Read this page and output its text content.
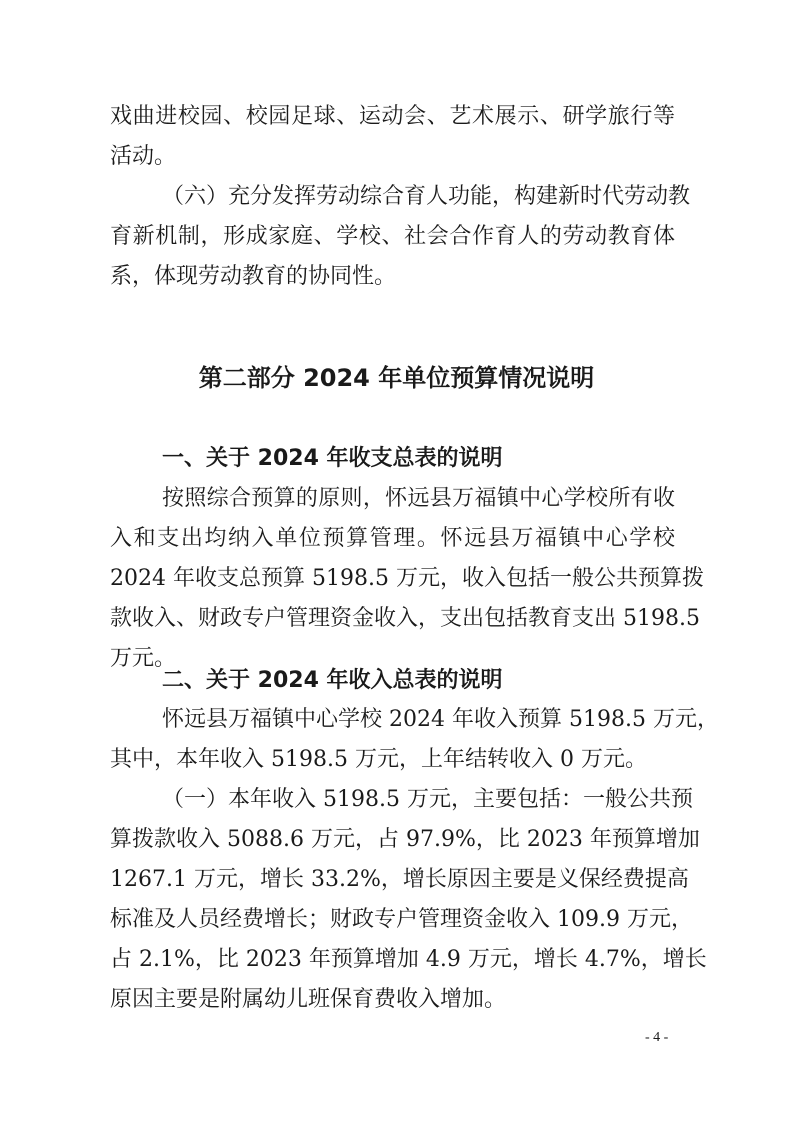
戏曲进校园、校园足球、运动会、艺术展示、研学旅行等
活动。
（六）充分发挥劳动综合育人功能，构建新时代劳动教
育新机制，形成家庭、学校、社会合作育人的劳动教育体
系，体现劳动教育的协同性。
第二部分 2024 年单位预算情况说明
一、关于 2024 年收支总表的说明
按照综合预算的原则，怀远县万福镇中心学校所有收
入和支出均纳入单位预算管理。怀远县万福镇中心学校
2024 年收支总预算 5198.5 万元，收入包括一般公共预算拨
款收入、财政专户管理资金收入，支出包括教育支出 5198.5
万元。
二、关于 2024 年收入总表的说明
怀远县万福镇中心学校 2024 年收入预算 5198.5 万元，
其中，本年收入 5198.5 万元，上年结转收入 0 万元。
（一）本年收入 5198.5 万元，主要包括：一般公共预
算拨款收入 5088.6 万元，占 97.9%，比 2023 年预算增加
1267.1 万元，增长 33.2%，增长原因主要是义保经费提高
标准及人员经费增长；财政专户管理资金收入 109.9 万元，
占 2.1%，比 2023 年预算增加 4.9 万元，增长 4.7%，增长
原因主要是附属幼儿班保育费收入增加。
- 4 -
